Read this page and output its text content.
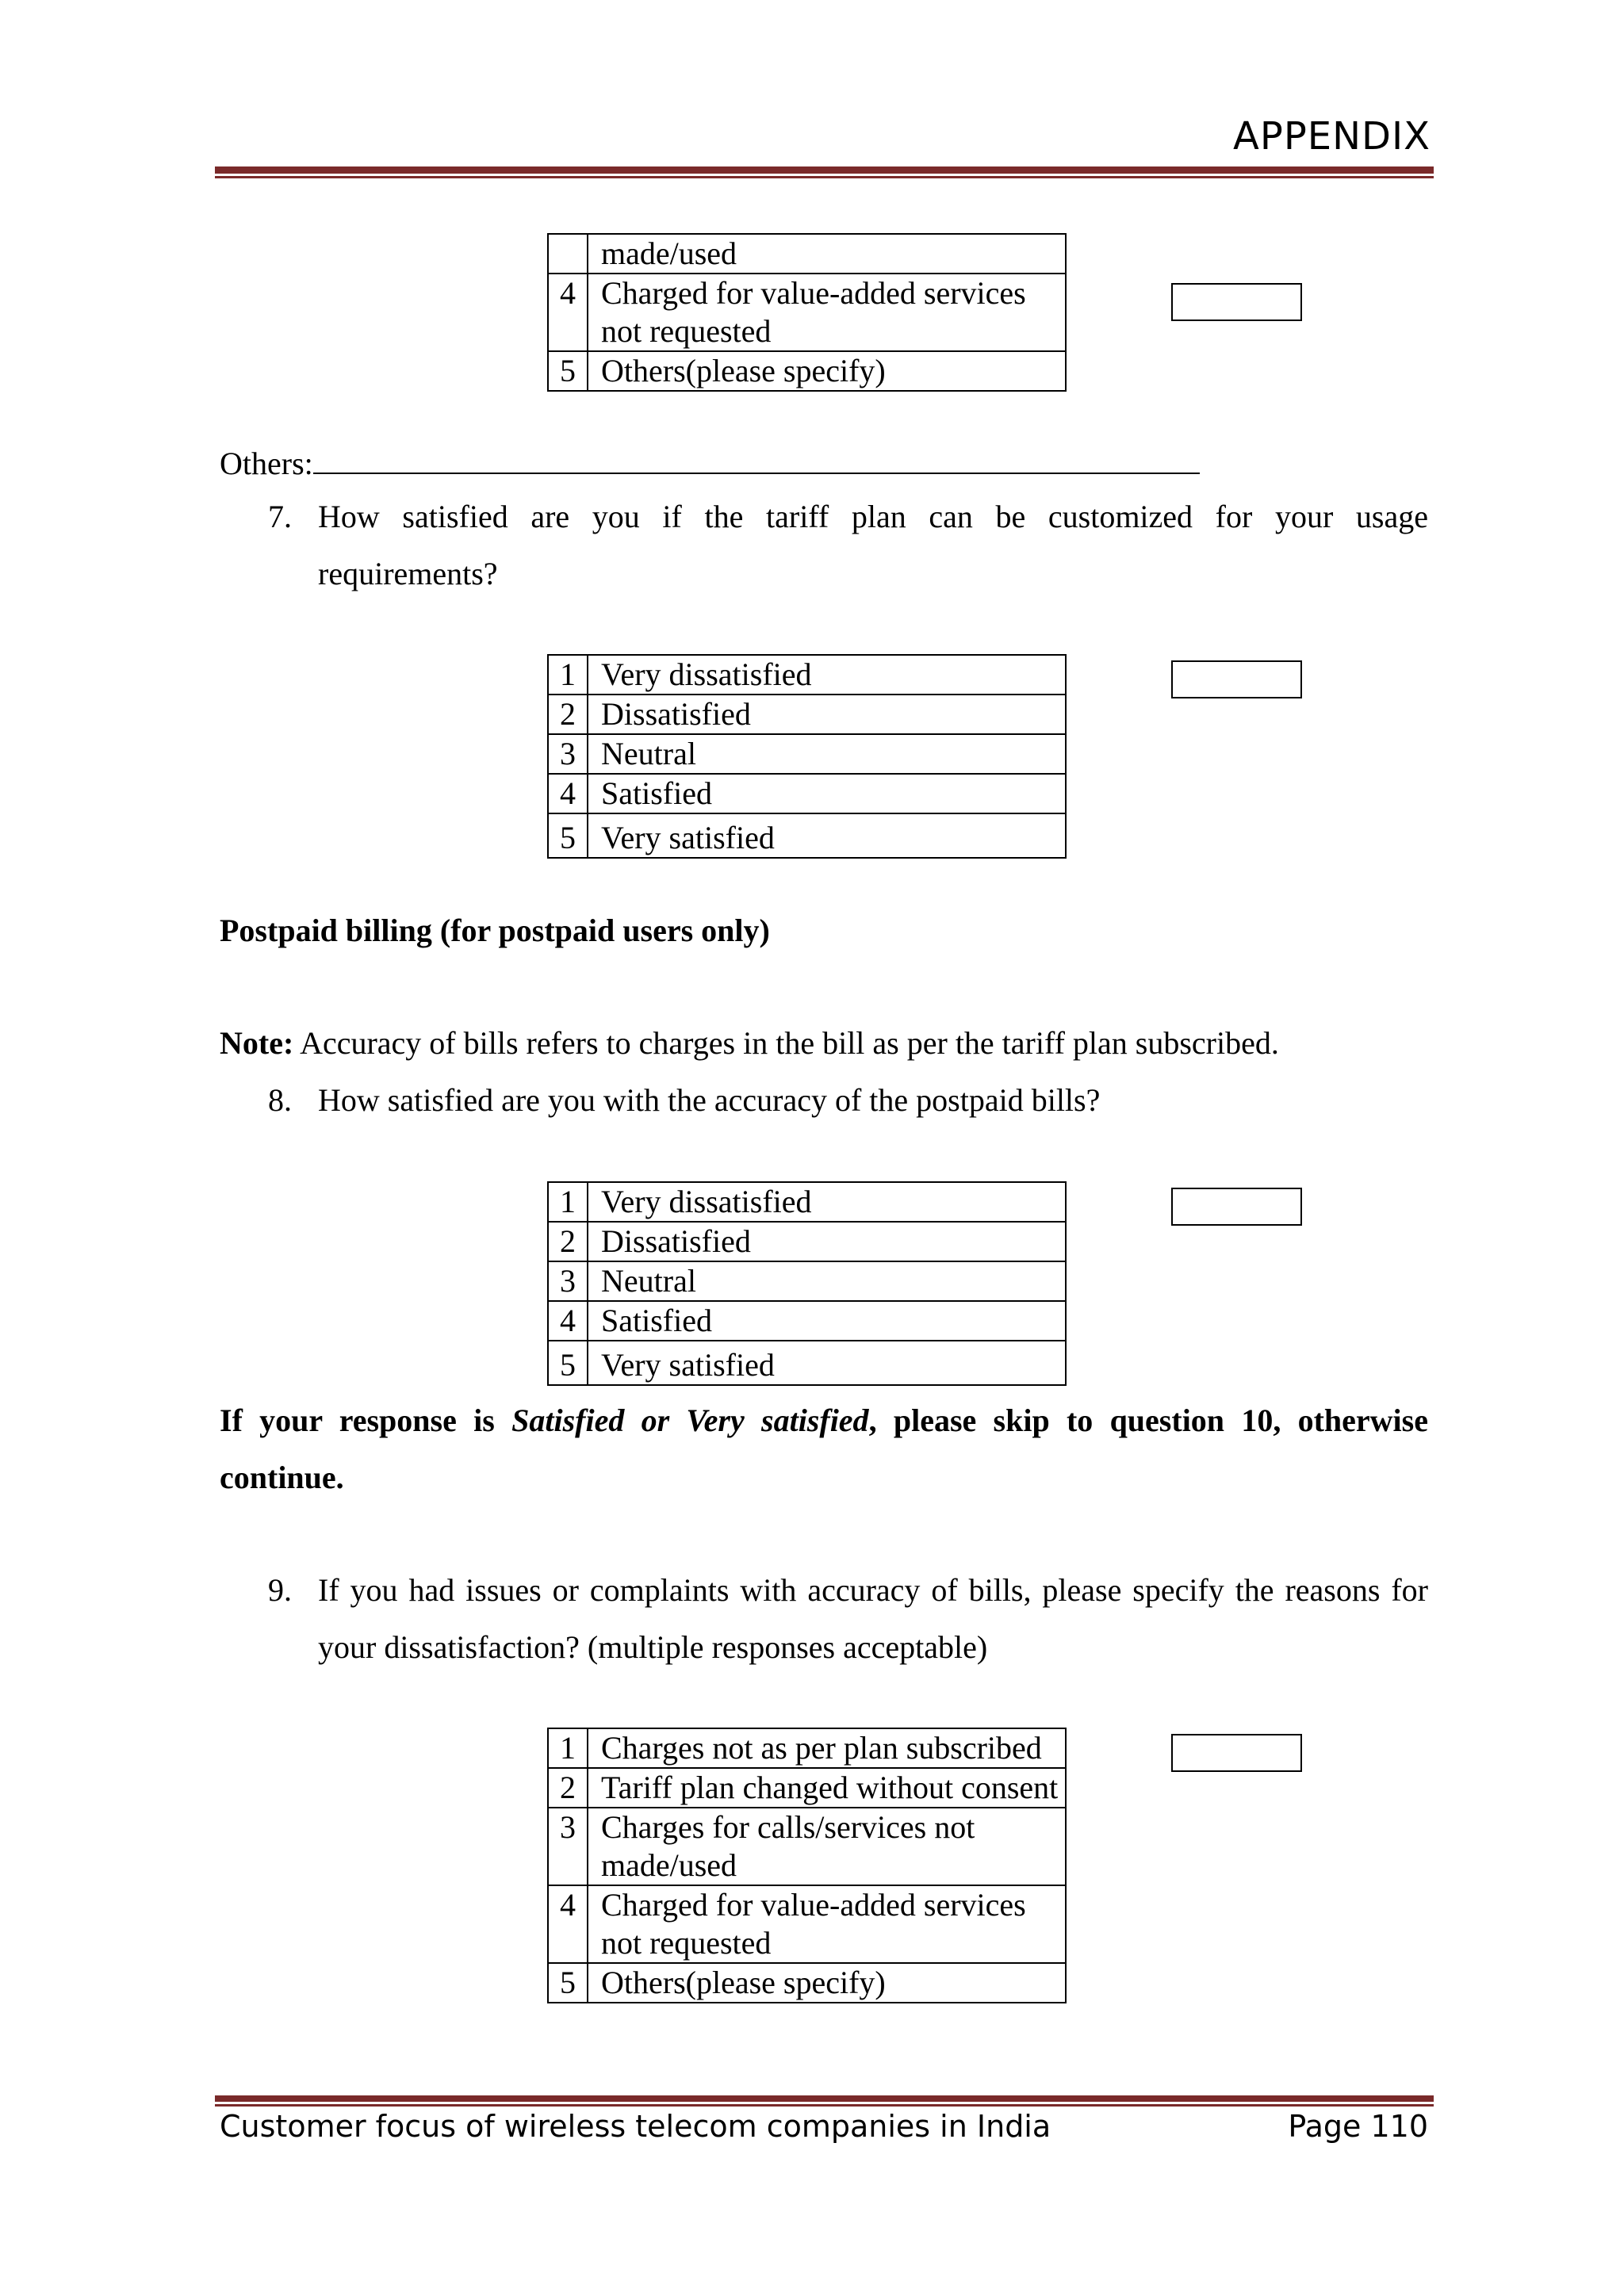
APPENDIX
	made/used
4	Charged for value-added services not requested
5	Others(please specify)
Others:
7. How satisfied are you if the tariff plan can be customized for your usage
requirements?
1	Very dissatisfied
2	Dissatisfied
3	Neutral
4	Satisfied
5	Very satisfied
Postpaid billing (for postpaid users only)
Note: Accuracy of bills refers to charges in the bill as per the tariff plan subscribed.
8. How satisfied are you with the accuracy of the postpaid bills?
1	Very dissatisfied
2	Dissatisfied
3	Neutral
4	Satisfied
5	Very satisfied
If your response is Satisfied or Very satisfied, please skip to question 10, otherwise
continue.
9. If you had issues or complaints with accuracy of bills, please specify the reasons for
your dissatisfaction? (multiple responses acceptable)
1	Charges not as per plan subscribed
2	Tariff plan changed without consent
3	Charges for calls/services not made/used
4	Charged for value-added services not requested
5	Others(please specify)
Customer focus of wireless telecom companies in India	Page 110
